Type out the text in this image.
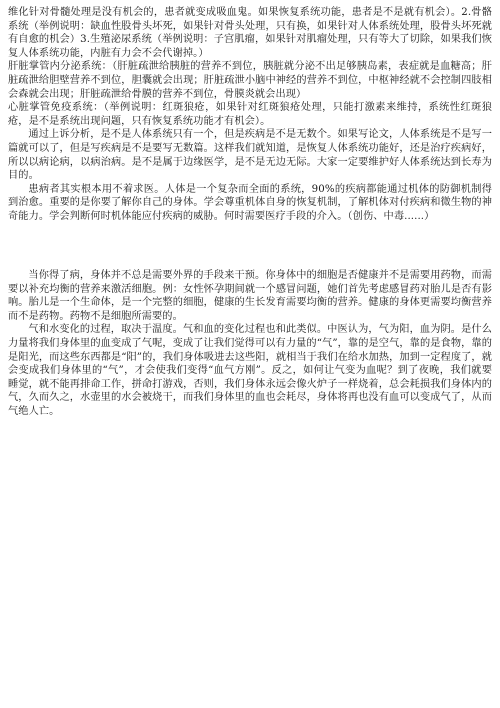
维化针对骨髓处理是没有机会的，患者就变成吸血鬼。如果恢复系统功能，患者是不是就有机会）。2.骨骼系统（举例说明：缺血性股骨头坏死，如果针对骨头处理，只有换，如果针对人体系统处理，股骨头坏死就有自愈的机会）3.生殖泌尿系统（举例说明：子宫肌瘤，如果针对肌瘤处理，只有等大了切除，如果我们恢复人体系统功能，内脏有力会不会代谢掉。）

肝脏掌管内分泌系统：（肝脏疏泄给胰脏的营养不到位，胰脏就分泌不出足够胰岛素，表症就是血糖高；肝脏疏泄给胆壁营养不到位，胆囊就会出现；肝脏疏泄小脑中神经的营养不到位，中枢神经就不会控制四肢相会森就会出现；肝脏疏泄给骨膜的营养不到位，骨膜炎就会出现）

心脏掌管免疫系统：（举例说明：红斑狼疮，如果针对红斑狼疮处理，只能打激素来维持，系统性红斑狼疮，是不是系统出现问题，只有恢复系统功能才有机会）。

通过上诉分析，是不是人体系统只有一个，但是疾病是不是无数个。如果写论文，人体系统是不是写一篇就可以了，但是写疾病是不是要写无数篇。这样我们就知道，是恢复人体系统功能好，还是治疗疾病好，所以以病论病，以病治病。是不是属于边缘医学，是不是无边无际。大家一定要维护好人体系统达到长寿为目的。

患病者其实根本用不着求医。人体是一个复杂而全面的系统，90%的疾病都能通过机体的防御机制得到治愈。重要的是你要了解你自己的身体。学会尊重机体自身的恢复机制，了解机体对付疾病和微生物的神奇能力。学会判断何时机体能应付疾病的威胁。何时需要医疗手段的介入。（创伤、中毒......）

当你得了病，身体并不总是需要外界的手段来干预。你身体中的细胞是否健康并不是需要用药物，而需要以补充均衡的营养来激活细胞。例：女性怀孕期间就一个感冒问题，她们首先考虑感冒药对胎儿是否有影响。胎儿是一个生命体，是一个完整的细胞，健康的生长发育需要均衡的营养。健康的身体更需要均衡营养而不是药物。药物不是细胞所需要的。

气和水变化的过程，取决于温度。气和血的变化过程也和此类似。中医认为，气为阳，血为阴。是什么力量将我们身体里的血变成了气呢，变成了让我们觉得可以有力量的“气”，靠的是空气，靠的是食物，靠的是阳光，而这些东西都是“阳”的，我们身体吸进去这些阳，就相当于我们在给水加热，加到一定程度了，就会变成我们身体里的“气”，才会使我们变得“血气方刚”。反之，如何让气变为血呢？到了夜晚，我们就要睡觉，就不能再排命工作，拼命打游戏，否则，我们身体永远会像火炉子一样烧着，总会耗损我们身体内的气，久而久之，水壶里的水会被烧干，而我们身体里的血也会耗尽，身体将再也没有血可以变成气了，从而气绝人亡。
